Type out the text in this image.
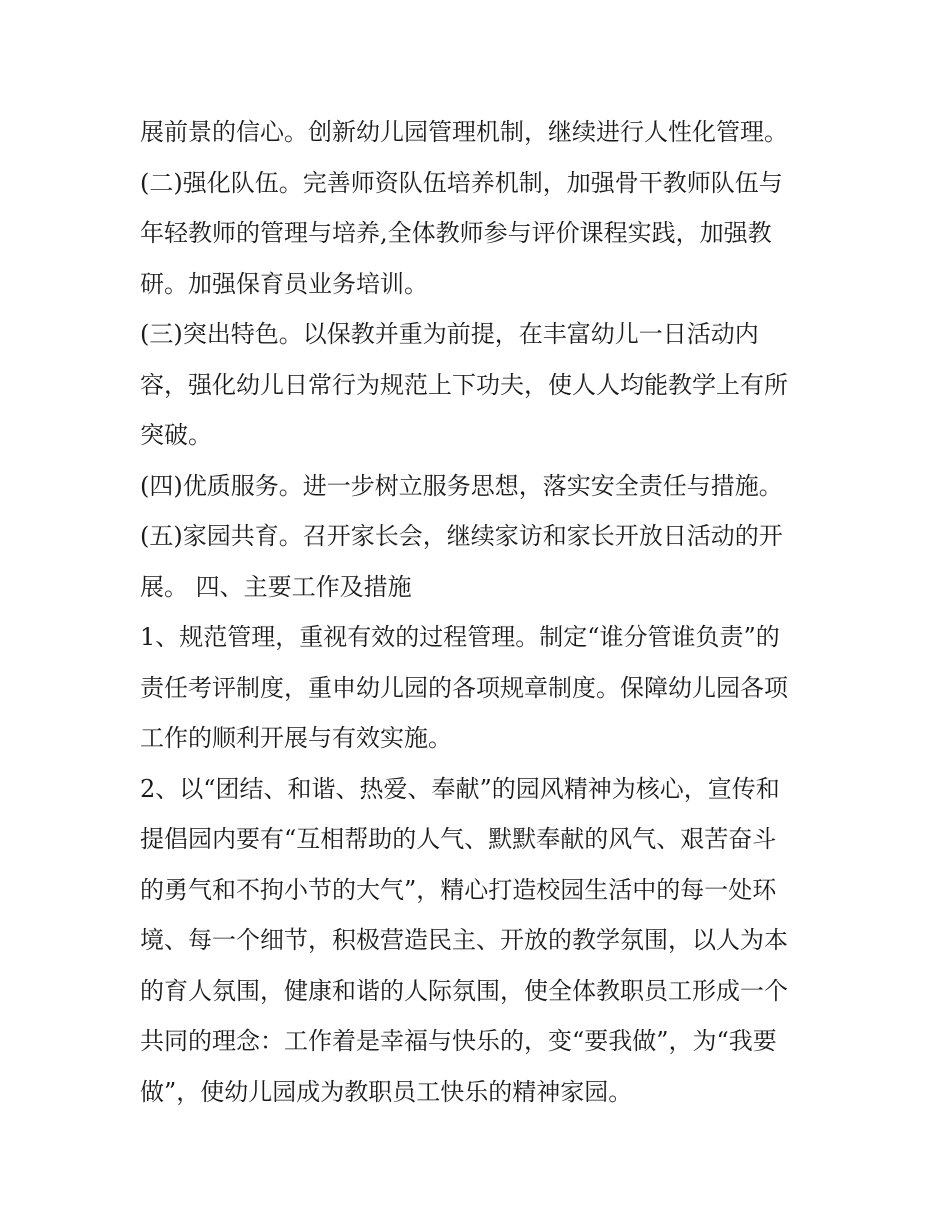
展前景的信心。创新幼儿园管理机制，继续进行人性化管理。

(二)强化队伍。完善师资队伍培养机制，加强骨干教师队伍与

年轻教师的管理与培养,全体教师参与评价课程实践，加强教

研。加强保育员业务培训。

(三)突出特色。以保教并重为前提，在丰富幼儿一日活动内

容，强化幼儿日常行为规范上下功夫，使人人均能教学上有所

突破。

(四)优质服务。进一步树立服务思想，落实安全责任与措施。

(五)家园共育。召开家长会，继续家访和家长开放日活动的开

展。 四、主要工作及措施

1、规范管理，重视有效的过程管理。制定“谁分管谁负责”的

责任考评制度，重申幼儿园的各项规章制度。保障幼儿园各项

工作的顺利开展与有效实施。

2、以“团结、和谐、热爱、奉献”的园风精神为核心，宣传和

提倡园内要有“互相帮助的人气、默默奉献的风气、艰苦奋斗

的勇气和不拘小节的大气”，精心打造校园生活中的每一处环

境、每一个细节，积极营造民主、开放的教学氛围，以人为本

的育人氛围，健康和谐的人际氛围，使全体教职员工形成一个

共同的理念：工作着是幸福与快乐的，变“要我做”，为“我要

做”，使幼儿园成为教职员工快乐的精神家园。
